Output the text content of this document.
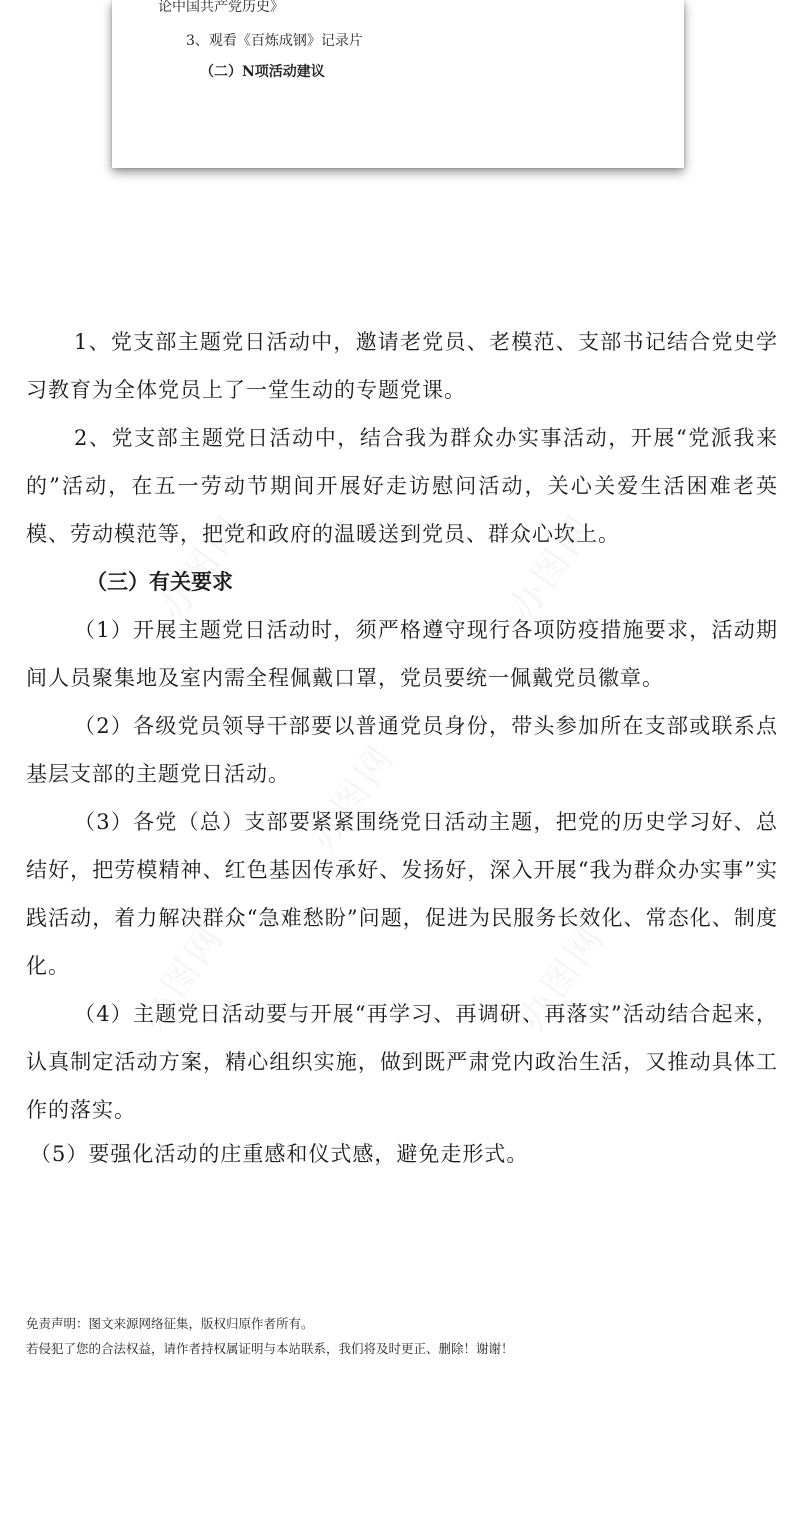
论中国共产党历史》
3、观看《百炼成钢》记录片
（二）N项活动建议

1、党支部主题党日活动中，邀请老党员、老模范、支部书记结合党史学习教育为全体党员上了一堂生动的专题党课。

2、党支部主题党日活动中，结合我为群众办实事活动，开展“党派我来的”活动，在五一劳动节期间开展好走访慰问活动，关心关爱生活困难老英模、劳动模范等，把党和政府的温暖送到党员、群众心坎上。

（三）有关要求

（1）开展主题党日活动时，须严格遵守现行各项防疫措施要求，活动期间人员聚集地及室内需全程佩戴口罩，党员要统一佩戴党员徽章。

（2）各级党员领导干部要以普通党员身份，带头参加所在支部或联系点基层支部的主题党日活动。

（3）各党（总）支部要紧紧围绕党日活动主题，把党的历史学习好、总结好，把劳模精神、红色基因传承好、发扬好，深入开展“我为群众办实事”实践活动，着力解决群众“急难愁盼”问题，促进为民服务长效化、常态化、制度化。

（4）主题党日活动要与开展“再学习、再调研、再落实”活动结合起来，认真制定活动方案，精心组织实施，做到既严肃党内政治生活，又推动具体工作的落实。

（5）要强化活动的庄重感和仪式感，避免走形式。

免责声明：图文来源网络征集，版权归原作者所有。
若侵犯了您的合法权益，请作者持权属证明与本站联系，我们将及时更正、删除！谢谢！
